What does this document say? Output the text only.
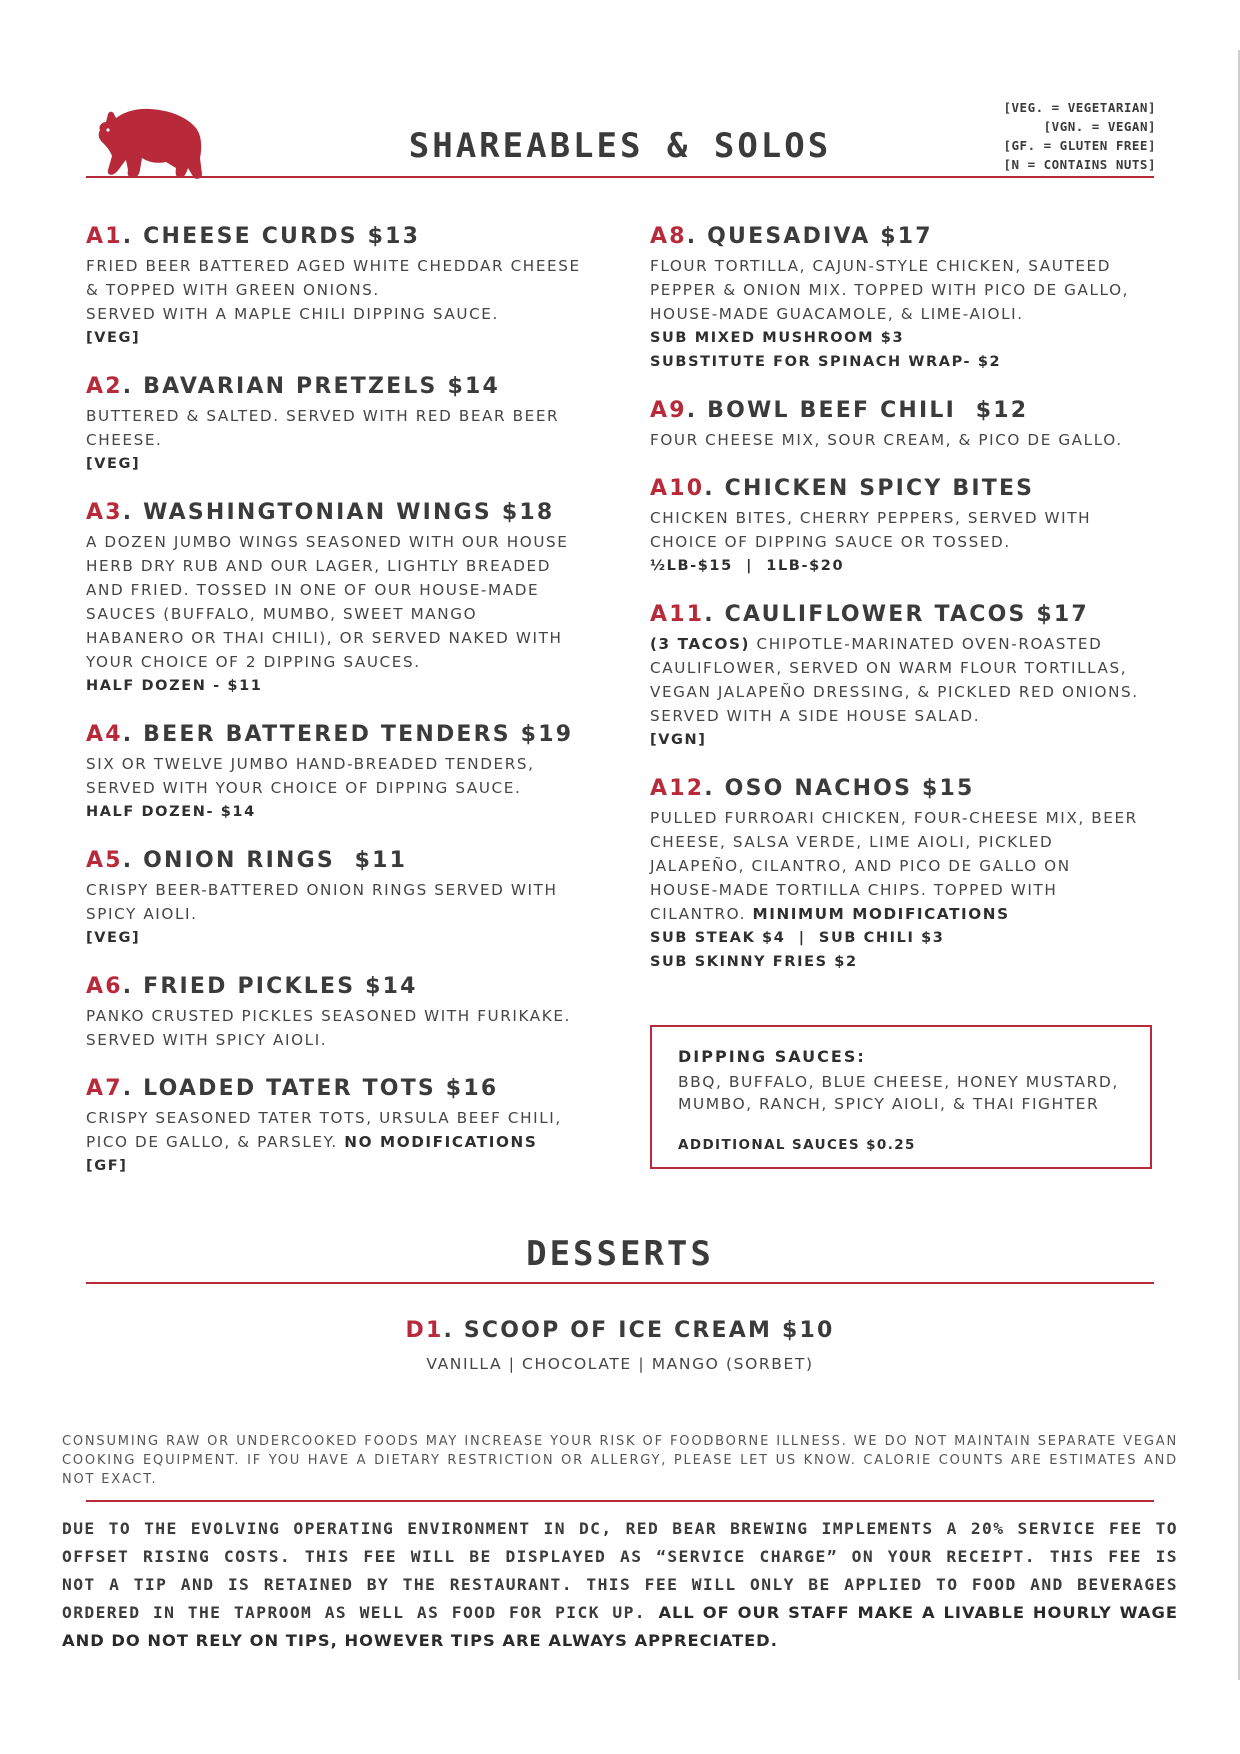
SHAREABLES & SOLOS
[VEG. = VEGETARIAN]
[VGN. = VEGAN]
[GF. = GLUTEN FREE]
[N = CONTAINS NUTS]

A1. CHEESE CURDS $13

FRIED BEER BATTERED AGED WHITE CHEDDAR CHEESE

& TOPPED WITH GREEN ONIONS.

SERVED WITH A MAPLE CHILI DIPPING SAUCE.

[VEG]

A2. BAVARIAN PRETZELS $14

BUTTERED & SALTED. SERVED WITH RED BEAR BEER

CHEESE.

[VEG]

A3. WASHINGTONIAN WINGS $18

A DOZEN JUMBO WINGS SEASONED WITH OUR HOUSE

HERB DRY RUB AND OUR LAGER, LIGHTLY BREADED

AND FRIED. TOSSED IN ONE OF OUR HOUSE-MADE

SAUCES (BUFFALO, MUMBO, SWEET MANGO

HABANERO OR THAI CHILI), OR SERVED NAKED WITH

YOUR CHOICE OF 2 DIPPING SAUCES.

HALF DOZEN - $11

A4. BEER BATTERED TENDERS $19

SIX OR TWELVE JUMBO HAND-BREADED TENDERS,

SERVED WITH YOUR CHOICE OF DIPPING SAUCE.

HALF DOZEN- $14

A5. ONION RINGS  $11

CRISPY BEER-BATTERED ONION RINGS SERVED WITH

SPICY AIOLI.

[VEG]

A6. FRIED PICKLES $14

PANKO CRUSTED PICKLES SEASONED WITH FURIKAKE.

SERVED WITH SPICY AIOLI.

A7. LOADED TATER TOTS $16

CRISPY SEASONED TATER TOTS, URSULA BEEF CHILI,

PICO DE GALLO, & PARSLEY. NO MODIFICATIONS

[GF]

A8. QUESADIVA $17

FLOUR TORTILLA, CAJUN-STYLE CHICKEN, SAUTEED

PEPPER & ONION MIX. TOPPED WITH PICO DE GALLO,

HOUSE-MADE GUACAMOLE, & LIME-AIOLI.

SUB MIXED MUSHROOM $3

SUBSTITUTE FOR SPINACH WRAP- $2

A9. BOWL BEEF CHILI  $12

FOUR CHEESE MIX, SOUR CREAM, & PICO DE GALLO.

A10. CHICKEN SPICY BITES

CHICKEN BITES, CHERRY PEPPERS, SERVED WITH

CHOICE OF DIPPING SAUCE OR TOSSED.

½LB-$15  |  1LB-$20

A11. CAULIFLOWER TACOS $17

(3 TACOS) CHIPOTLE-MARINATED OVEN-ROASTED

CAULIFLOWER, SERVED ON WARM FLOUR TORTILLAS,

VEGAN JALAPEÑO DRESSING, & PICKLED RED ONIONS.

SERVED WITH A SIDE HOUSE SALAD.

[VGN]

A12. OSO NACHOS $15

PULLED FURROARI CHICKEN, FOUR-CHEESE MIX, BEER

CHEESE, SALSA VERDE, LIME AIOLI, PICKLED

JALAPEÑO, CILANTRO, AND PICO DE GALLO ON

HOUSE-MADE TORTILLA CHIPS. TOPPED WITH

CILANTRO. MINIMUM MODIFICATIONS

SUB STEAK $4  |  SUB CHILI $3

SUB SKINNY FRIES $2

DIPPING SAUCES:
BBQ, BUFFALO, BLUE CHEESE, HONEY MUSTARD,
MUMBO, RANCH, SPICY AIOLI, & THAI FIGHTER
ADDITIONAL SAUCES $0.25
DESSERTS

D1. SCOOP OF ICE CREAM $10

VANILLA | CHOCOLATE | MANGO (SORBET)

CONSUMING RAW OR UNDERCOOKED FOODS MAY INCREASE YOUR RISK OF FOODBORNE ILLNESS. WE DO NOT MAINTAIN SEPARATE VEGAN COOKING EQUIPMENT. IF YOU HAVE A DIETARY RESTRICTION OR ALLERGY, PLEASE LET US KNOW. CALORIE COUNTS ARE ESTIMATES AND NOT EXACT.
DUE TO THE EVOLVING OPERATING ENVIRONMENT IN DC, RED BEAR BREWING IMPLEMENTS A 20% SERVICE FEE TO OFFSET RISING COSTS. THIS FEE WILL BE DISPLAYED AS “SERVICE CHARGE” ON YOUR RECEIPT. THIS FEE IS NOT A TIP AND IS RETAINED BY THE RESTAURANT. THIS FEE WILL ONLY BE APPLIED TO FOOD AND BEVERAGES ORDERED IN THE TAPROOM AS WELL AS FOOD FOR PICK UP. ALL OF OUR STAFF MAKE A LIVABLE HOURLY WAGE AND DO NOT RELY ON TIPS, HOWEVER TIPS ARE ALWAYS APPRECIATED.
